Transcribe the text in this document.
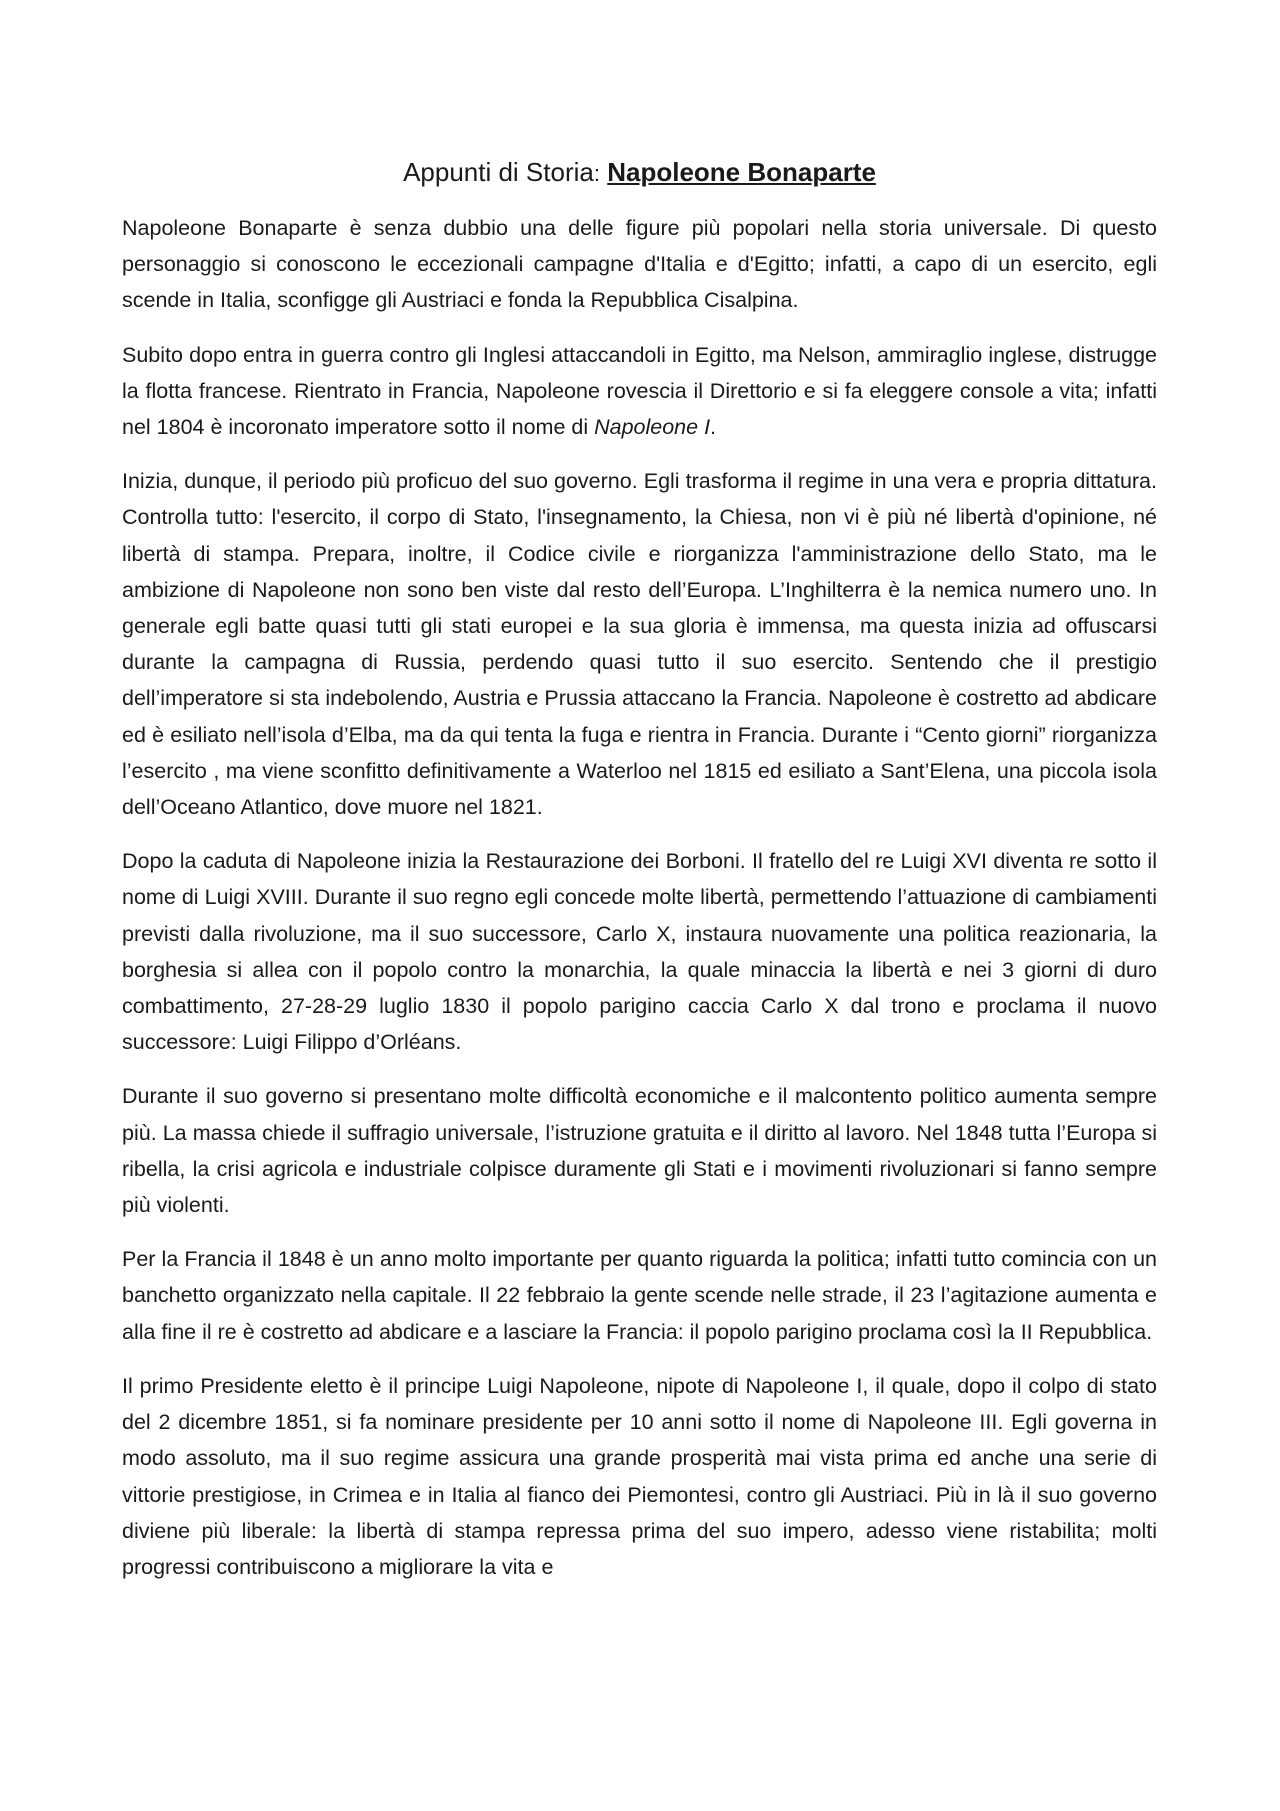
Appunti di Storia: Napoleone Bonaparte

Napoleone Bonaparte è senza dubbio una delle figure più popolari nella storia universale. Di questo personaggio si conoscono le eccezionali campagne d'Italia e d'Egitto; infatti, a capo di un esercito, egli scende in Italia, sconfigge gli Austriaci e fonda la Repubblica Cisalpina.

Subito dopo entra in guerra contro gli Inglesi attaccandoli in Egitto, ma Nelson, ammiraglio inglese, distrugge la flotta francese. Rientrato in Francia, Napoleone rovescia il Direttorio e si fa eleggere console a vita; infatti nel 1804 è incoronato imperatore sotto il nome di Napoleone I.

Inizia, dunque, il periodo più proficuo del suo governo. Egli trasforma il regime in una vera e propria dittatura. Controlla tutto: l'esercito, il corpo di Stato, l'insegnamento, la Chiesa, non vi è più né libertà d'opinione, né libertà di stampa. Prepara, inoltre, il Codice civile e riorganizza l'amministrazione dello Stato, ma le ambizione di Napoleone non sono ben viste dal resto dell’Europa. L’Inghilterra è la nemica numero uno. In generale egli batte quasi tutti gli stati europei e la sua gloria è immensa, ma questa inizia ad offuscarsi durante la campagna di Russia, perdendo quasi tutto il suo esercito. Sentendo che il prestigio dell’imperatore si sta indebolendo, Austria e Prussia attaccano la Francia. Napoleone è costretto ad abdicare ed è esiliato nell’isola d’Elba, ma da qui tenta la fuga e rientra in Francia. Durante i “Cento giorni” riorganizza l’esercito , ma viene sconfitto definitivamente a Waterloo nel 1815 ed esiliato a Sant’Elena, una piccola isola dell’Oceano Atlantico, dove muore nel 1821.

Dopo la caduta di Napoleone inizia la Restaurazione dei Borboni. Il fratello del re Luigi XVI diventa re sotto il nome di Luigi XVIII. Durante il suo regno egli concede molte libertà, permettendo l’attuazione di cambiamenti previsti dalla rivoluzione, ma il suo successore, Carlo X, instaura nuovamente una politica reazionaria, la borghesia si allea con il popolo contro la monarchia, la quale minaccia la libertà e nei 3 giorni di duro combattimento, 27-28-29 luglio 1830 il popolo parigino caccia Carlo X dal trono e proclama il nuovo successore: Luigi Filippo d’Orléans.

Durante il suo governo si presentano molte difficoltà economiche e il malcontento politico aumenta sempre più. La massa chiede il suffragio universale, l’istruzione gratuita e il diritto al lavoro. Nel 1848 tutta l’Europa si ribella, la crisi agricola e industriale colpisce duramente gli Stati e i movimenti rivoluzionari si fanno sempre più violenti.

Per la Francia il 1848 è un anno molto importante per quanto riguarda la politica; infatti tutto comincia con un banchetto organizzato nella capitale. Il 22 febbraio la gente scende nelle strade, il 23 l’agitazione aumenta e alla fine il re è costretto ad abdicare e a lasciare la Francia: il popolo parigino proclama così la II Repubblica.

Il primo Presidente eletto è il principe Luigi Napoleone, nipote di Napoleone I, il quale, dopo il colpo di stato del 2 dicembre 1851, si fa nominare presidente per 10 anni sotto il nome di Napoleone III. Egli governa in modo assoluto, ma il suo regime assicura una grande prosperità mai vista prima ed anche una serie di vittorie prestigiose, in Crimea e in Italia al fianco dei Piemontesi, contro gli Austriaci. Più in là il suo governo diviene più liberale: la libertà di stampa repressa prima del suo impero, adesso viene ristabilita; molti progressi contribuiscono a migliorare la vita e
